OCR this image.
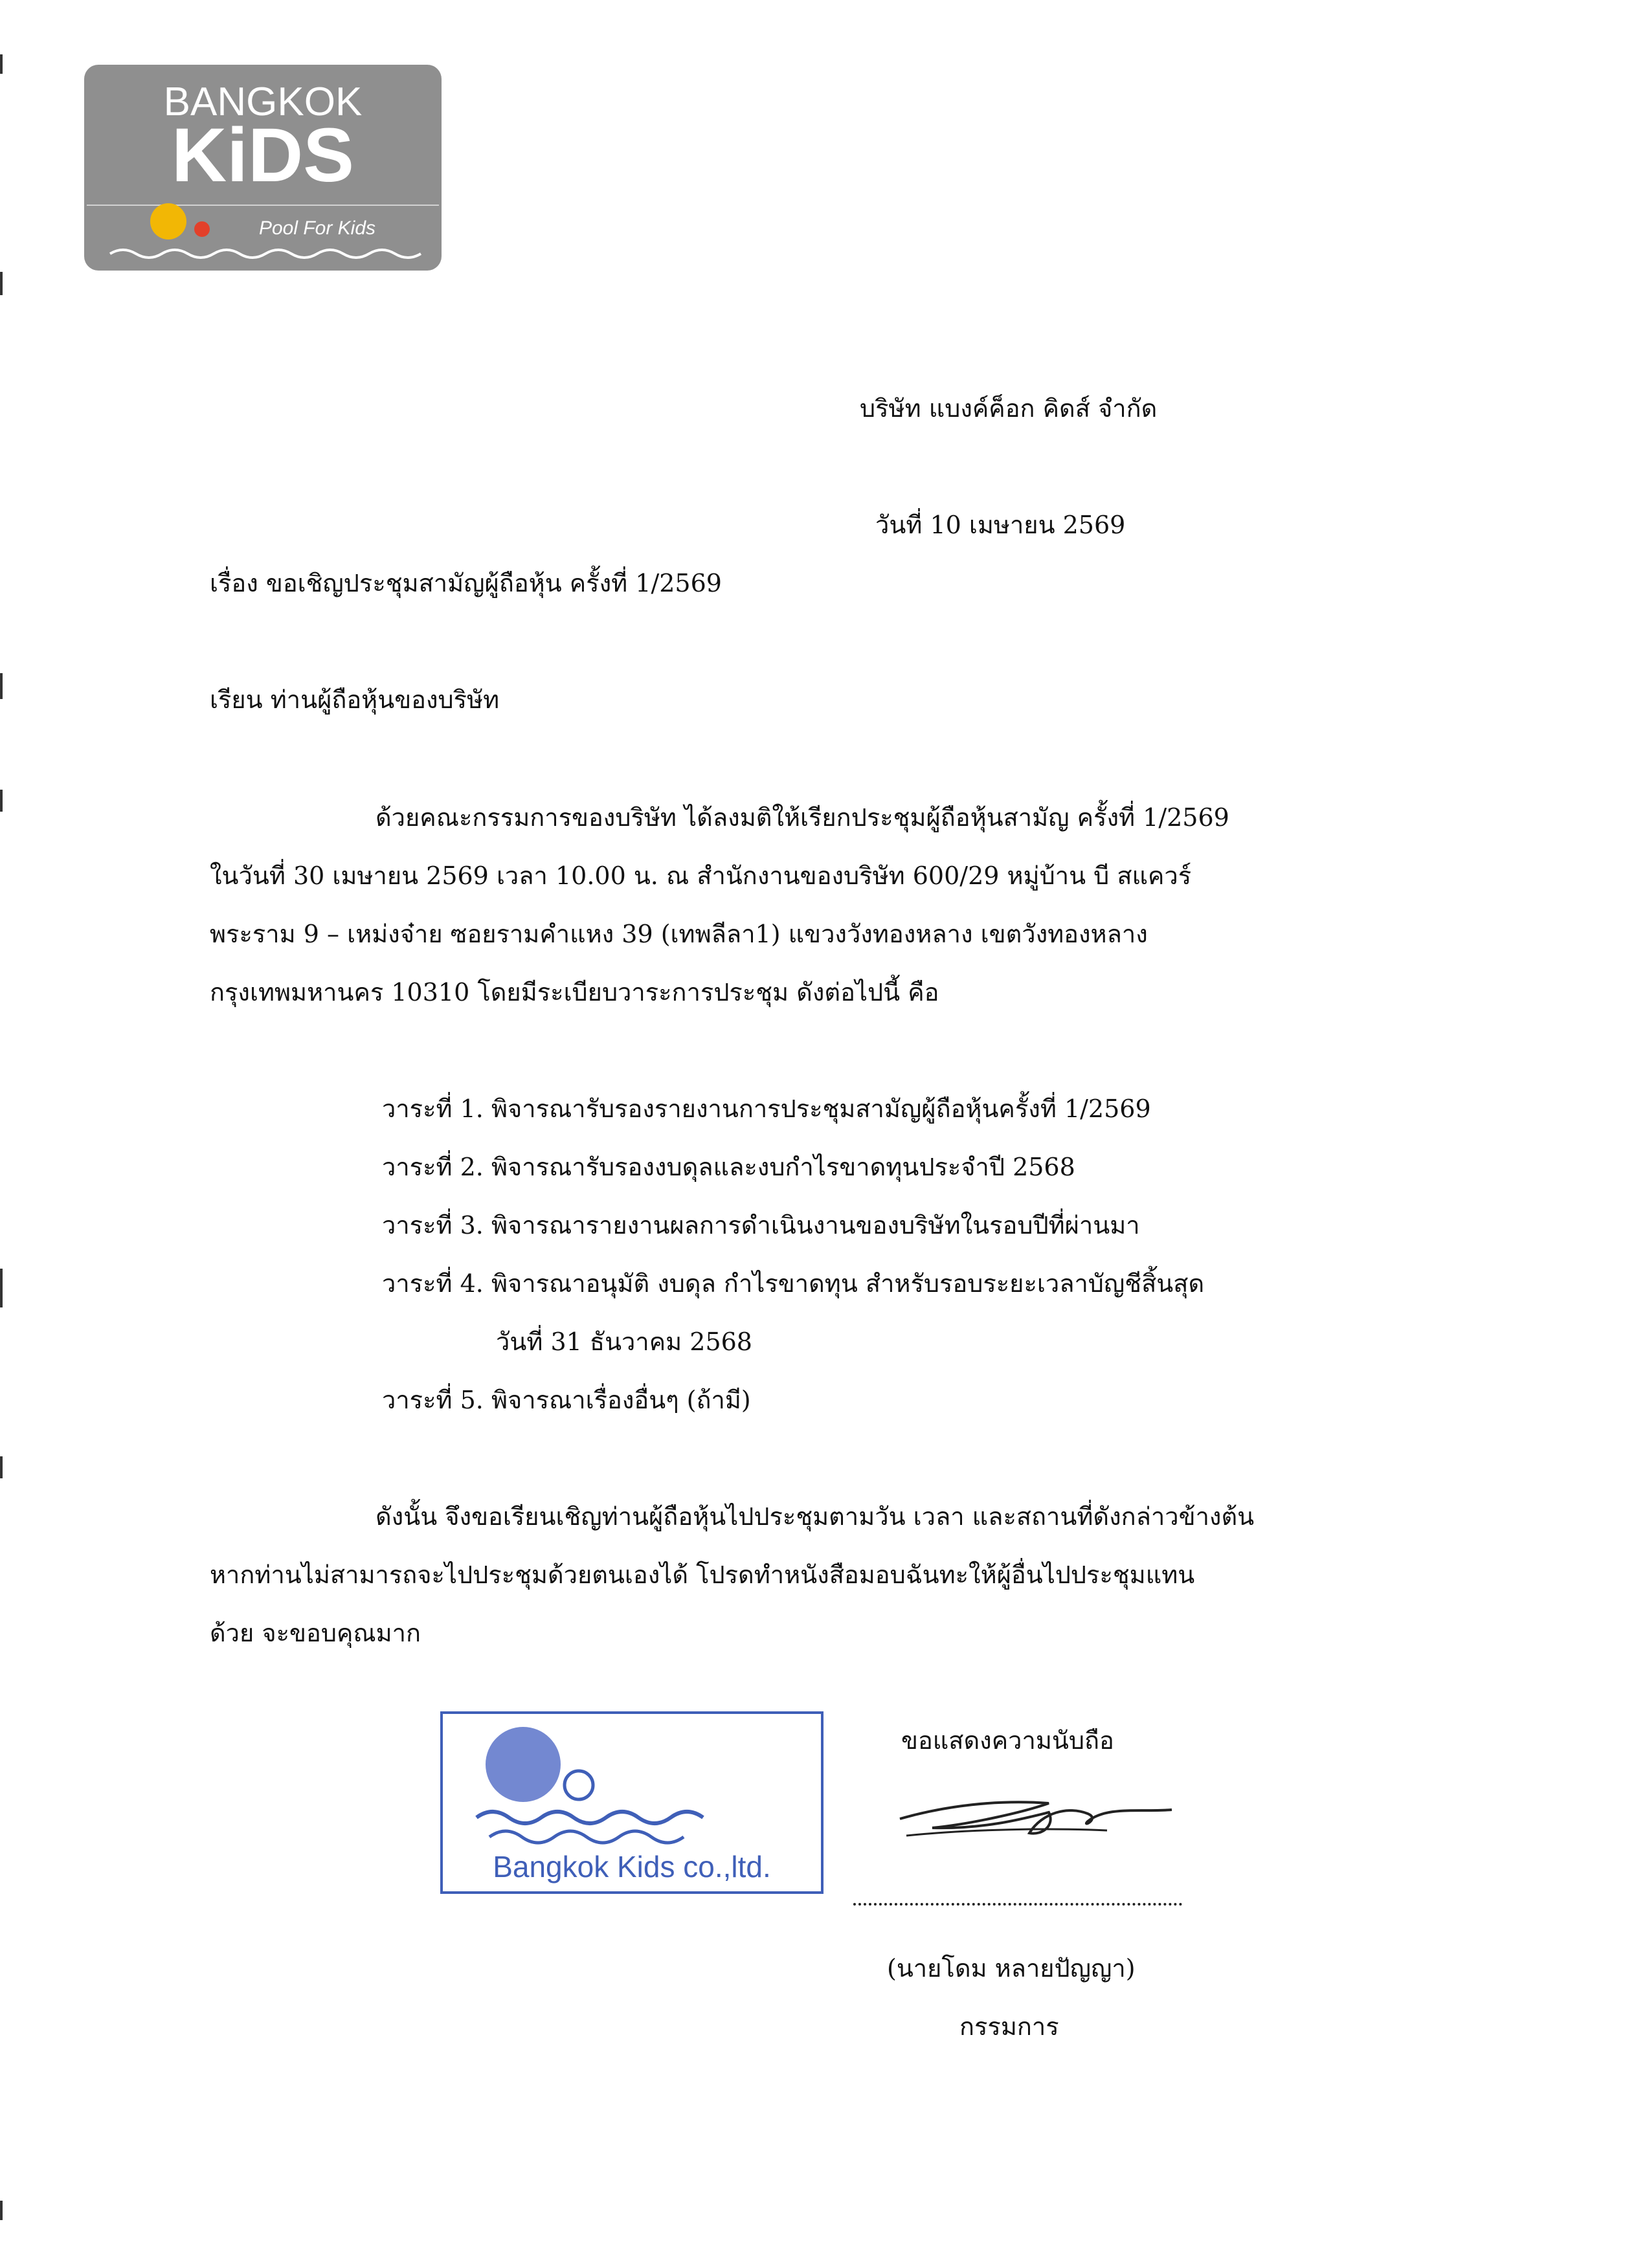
BANGKOK
KiDS
Pool For Kids
บริษัท แบงค์ค็อก คิดส์ จำกัด
วันที่ 10 เมษายน 2569
เรื่อง ขอเชิญประชุมสามัญผู้ถือหุ้น ครั้งที่ 1/2569
เรียน ท่านผู้ถือหุ้นของบริษัท
ด้วยคณะกรรมการของบริษัท ได้ลงมติให้เรียกประชุมผู้ถือหุ้นสามัญ ครั้งที่ 1/2569
ในวันที่ 30 เมษายน 2569 เวลา 10.00 น. ณ สำนักงานของบริษัท 600/29 หมู่บ้าน บี สแควร์
พระราม 9 – เหม่งจ๋าย ซอยรามคำแหง 39 (เทพลีลา1) แขวงวังทองหลาง เขตวังทองหลาง
กรุงเทพมหานคร 10310 โดยมีระเบียบวาระการประชุม ดังต่อไปนี้ คือ
วาระที่ 1. พิจารณารับรองรายงานการประชุมสามัญผู้ถือหุ้นครั้งที่ 1/2569
วาระที่ 2. พิจารณารับรองงบดุลและงบกำไรขาดทุนประจำปี 2568
วาระที่ 3. พิจารณารายงานผลการดำเนินงานของบริษัทในรอบปีที่ผ่านมา
วาระที่ 4. พิจารณาอนุมัติ งบดุล กำไรขาดทุน สำหรับรอบระยะเวลาบัญชีสิ้นสุด
วันที่ 31 ธันวาคม 2568
วาระที่ 5. พิจารณาเรื่องอื่นๆ (ถ้ามี)
ดังนั้น จึงขอเรียนเชิญท่านผู้ถือหุ้นไปประชุมตามวัน เวลา และสถานที่ดังกล่าวข้างต้น
หากท่านไม่สามารถจะไปประชุมด้วยตนเองได้ โปรดทำหนังสือมอบฉันทะให้ผู้อื่นไปประชุมแทน
ด้วย จะขอบคุณมาก
Bangkok Kids co.,ltd.
ขอแสดงความนับถือ
(นายโดม หลายปัญญา)
กรรมการ
